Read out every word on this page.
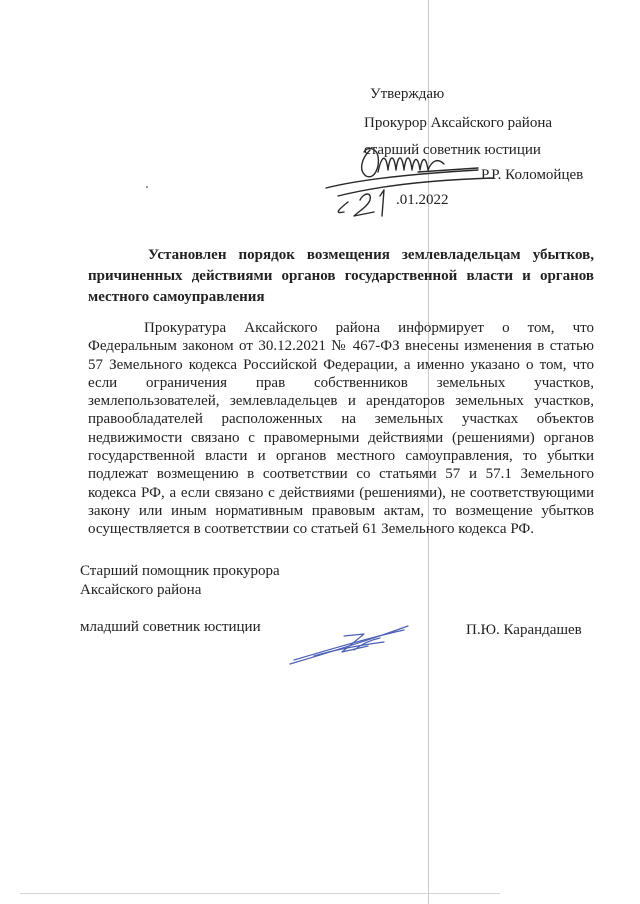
Утверждаю
Прокурор Аксайского района
старший советник юстиции
Р.Р. Коломойцев
.01.2022
Установлен порядок возмещения землевладельцам убытков, причиненных действиями органов государственной власти и органов местного самоуправления
Прокуратура Аксайского района информирует о том, что Федеральным законом от 30.12.2021 № 467-ФЗ внесены изменения в статью 57 Земельного кодекса Российской Федерации, а именно указано о том, что если ограничения прав собственников земельных участков, землепользователей, землевладельцев и арендаторов земельных участков, правообладателей расположенных на земельных участках объектов недвижимости связано с правомерными действиями (решениями) органов государственной власти и органов местного самоуправления, то убытки подлежат возмещению в соответствии со статьями 57 и 57.1 Земельного кодекса РФ, а если связано с действиями (решениями), не соответствующими закону или иным нормативным правовым актам, то возмещение убытков осуществляется в соответствии со статьей 61 Земельного кодекса РФ.
Старший помощник прокурора
Аксайского района
младший советник юстиции	П.Ю. Карандашев
